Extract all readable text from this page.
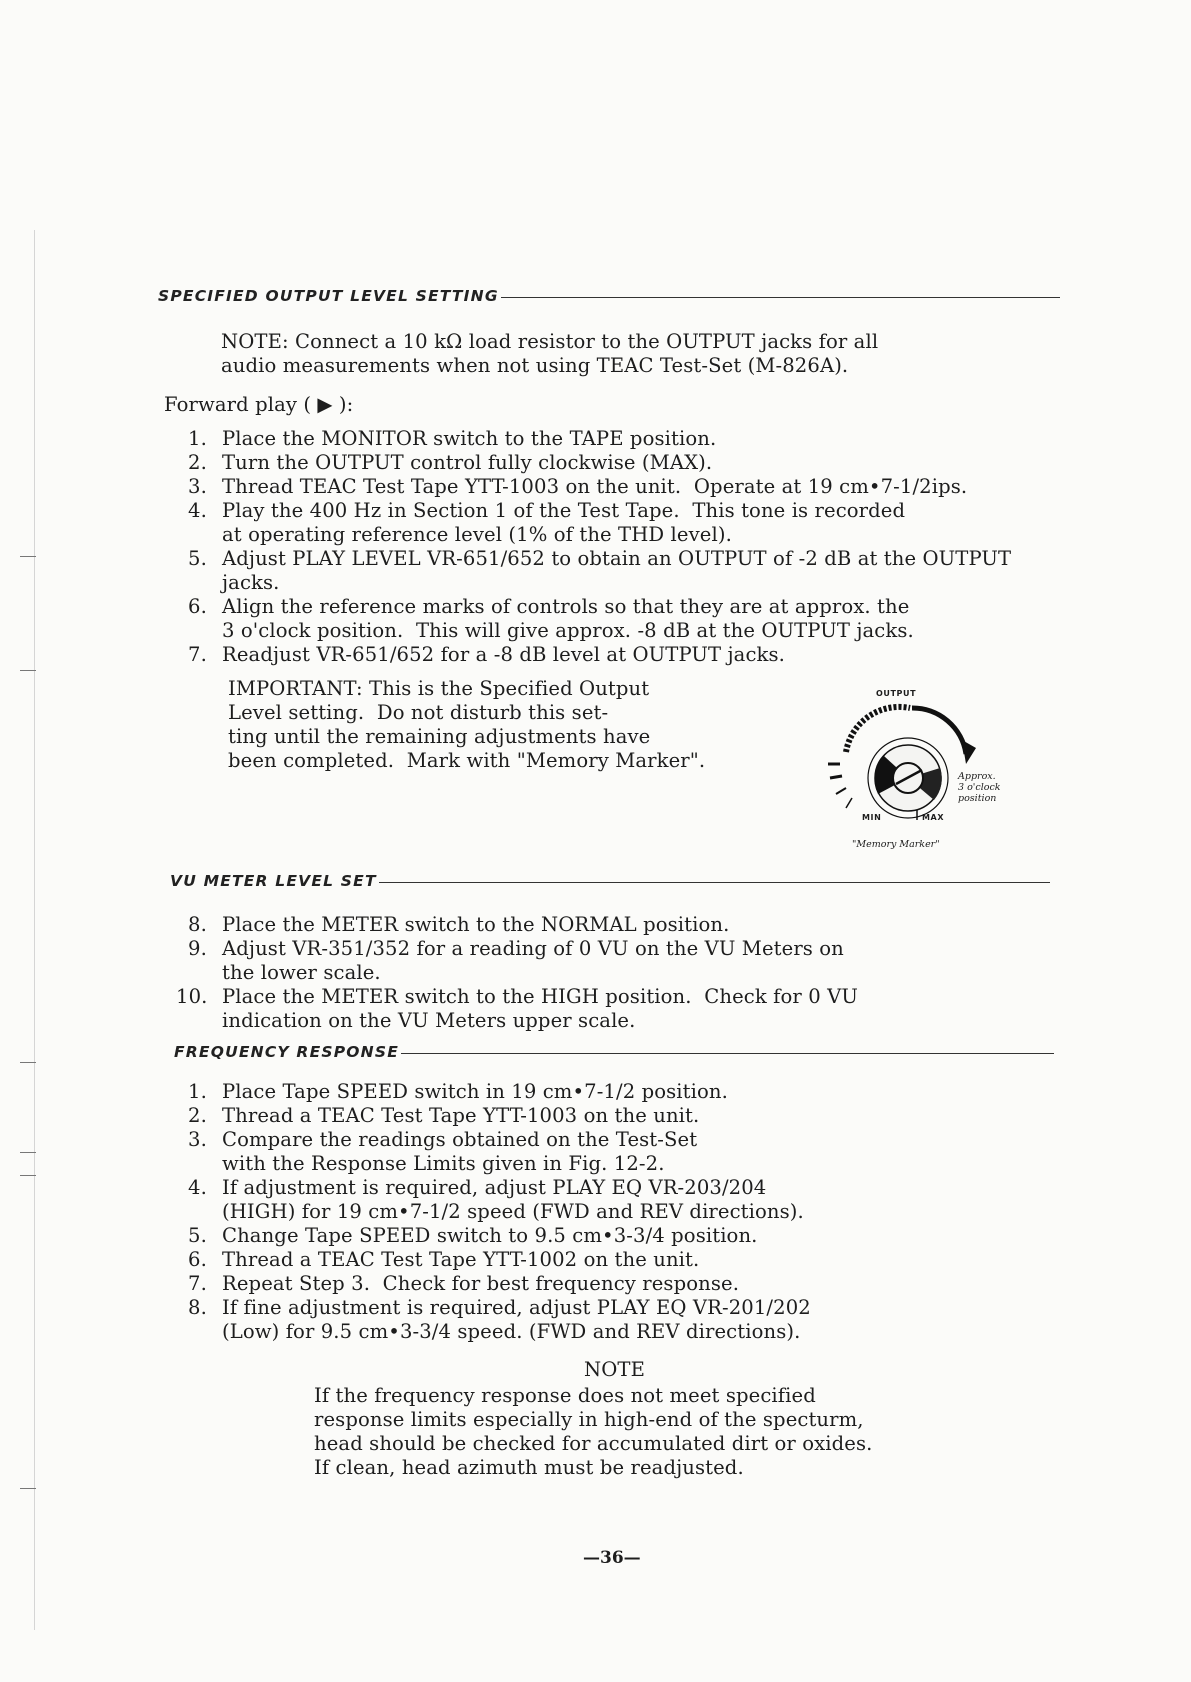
SPECIFIED OUTPUT LEVEL SETTING
NOTE: Connect a 10 kΩ load resistor to the OUTPUT jacks for all
audio measurements when not using TEAC Test-Set (M-826A).
Forward play ( ▶ ):
1. Place the MONITOR switch to the TAPE position.
2. Turn the OUTPUT control fully clockwise (MAX).
3. Thread TEAC Test Tape YTT-1003 on the unit.  Operate at 19 cm•7-1/2ips.
4. Play the 400 Hz in Section 1 of the Test Tape.  This tone is recorded
at operating reference level (1% of the THD level).
5. Adjust PLAY LEVEL VR-651/652 to obtain an OUTPUT of -2 dB at the OUTPUT
jacks.
6. Align the reference marks of controls so that they are at approx. the
3 o'clock position.  This will give approx. -8 dB at the OUTPUT jacks.
7. Readjust VR-651/652 for a -8 dB level at OUTPUT jacks.
IMPORTANT: This is the Specified Output
Level setting.  Do not disturb this set-
ting until the remaining adjustments have
been completed.  Mark with "Memory Marker".
OUTPUT
MIN	MAX
Approx.
3 o'clock
position
"Memory Marker"
VU METER LEVEL SET
8. Place the METER switch to the NORMAL position.
9. Adjust VR-351/352 for a reading of 0 VU on the VU Meters on
the lower scale.
10. Place the METER switch to the HIGH position.  Check for 0 VU
indication on the VU Meters upper scale.
FREQUENCY RESPONSE
1. Place Tape SPEED switch in 19 cm•7-1/2 position.
2. Thread a TEAC Test Tape YTT-1003 on the unit.
3. Compare the readings obtained on the Test-Set
with the Response Limits given in Fig. 12-2.
4. If adjustment is required, adjust PLAY EQ VR-203/204
(HIGH) for 19 cm•7-1/2 speed (FWD and REV directions).
5. Change Tape SPEED switch to 9.5 cm•3-3/4 position.
6. Thread a TEAC Test Tape YTT-1002 on the unit.
7. Repeat Step 3.  Check for best frequency response.
8. If fine adjustment is required, adjust PLAY EQ VR-201/202
(Low) for 9.5 cm•3-3/4 speed. (FWD and REV directions).
NOTE
If the frequency response does not meet specified
response limits especially in high-end of the specturm,
head should be checked for accumulated dirt or oxides.
If clean, head azimuth must be readjusted.
—36—
